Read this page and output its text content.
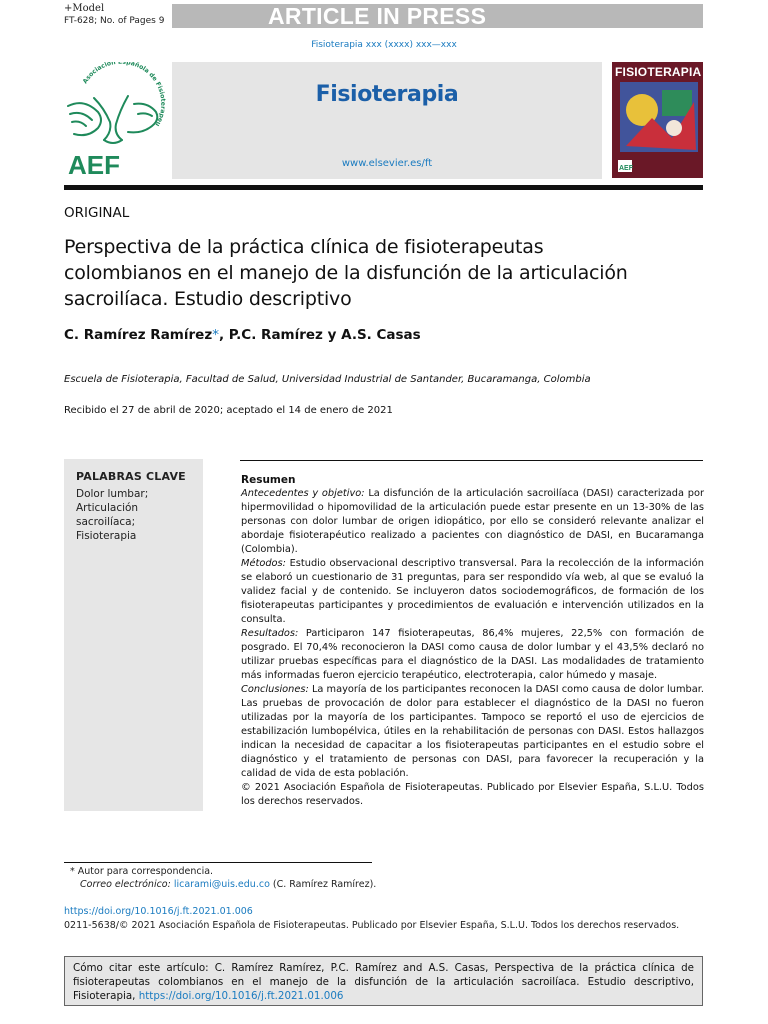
+Model
FT-628; No. of Pages 9	ARTICLE IN PRESS
Fisioterapia xxx (xxxx) xxx—xxx
Asociación Española de Fisioterapeu
AEF
Fisioterapia
www.elsevier.es/ft
FISIOTERAPIA
AEF
ORIGINAL
Perspectiva de la práctica clínica de fisioterapeutas colombianos en el manejo de la disfunción de la articulación sacroilíaca. Estudio descriptivo
C. Ramírez Ramírez*, P.C. Ramírez y A.S. Casas
Escuela de Fisioterapia, Facultad de Salud, Universidad Industrial de Santander, Bucaramanga, Colombia
Recibido el 27 de abril de 2020; aceptado el 14 de enero de 2021
PALABRAS CLAVE
Dolor lumbar;
Articulación
sacroilíaca;
Fisioterapia
Resumen
Antecedentes y objetivo: La disfunción de la articulación sacroilíaca (DASI) caracterizada por hipermovilidad o hipomovilidad de la articulación puede estar presente en un 13-30% de las personas con dolor lumbar de origen idiopático, por ello se consideró relevante analizar el abordaje fisioterapéutico realizado a pacientes con diagnóstico de DASI, en Bucaramanga (Colombia).
Métodos: Estudio observacional descriptivo transversal. Para la recolección de la información se elaboró un cuestionario de 31 preguntas, para ser respondido vía web, al que se evaluó la validez facial y de contenido. Se incluyeron datos sociodemográficos, de formación de los fisioterapeutas participantes y procedimientos de evaluación e intervención utilizados en la consulta.
Resultados: Participaron 147 fisioterapeutas, 86,4% mujeres, 22,5% con formación de posgrado. El 70,4% reconocieron la DASI como causa de dolor lumbar y el 43,5% declaró no utilizar pruebas específicas para el diagnóstico de la DASI. Las modalidades de tratamiento más informadas fueron ejercicio terapéutico, electroterapia, calor húmedo y masaje.
Conclusiones: La mayoría de los participantes reconocen la DASI como causa de dolor lumbar. Las pruebas de provocación de dolor para establecer el diagnóstico de la DASI no fueron utilizadas por la mayoría de los participantes. Tampoco se reportó el uso de ejercicios de estabilización lumbopélvica, útiles en la rehabilitación de personas con DASI. Estos hallazgos indican la necesidad de capacitar a los fisioterapeutas participantes en el estudio sobre el diagnóstico y el tratamiento de personas con DASI, para favorecer la recuperación y la calidad de vida de esta población.
© 2021 Asociación Española de Fisioterapeutas. Publicado por Elsevier España, S.L.U. Todos los derechos reservados.
* Autor para correspondencia.
Correo electrónico: licarami@uis.edu.co (C. Ramírez Ramírez).
https://doi.org/10.1016/j.ft.2021.01.006
0211-5638/© 2021 Asociación Española de Fisioterapeutas. Publicado por Elsevier España, S.L.U. Todos los derechos reservados.
Cómo citar este artículo: C. Ramírez Ramírez, P.C. Ramírez and A.S. Casas, Perspectiva de la práctica clínica de fisioterapeutas colombianos en el manejo de la disfunción de la articulación sacroilíaca. Estudio descriptivo, Fisioterapia, https://doi.org/10.1016/j.ft.2021.01.006
